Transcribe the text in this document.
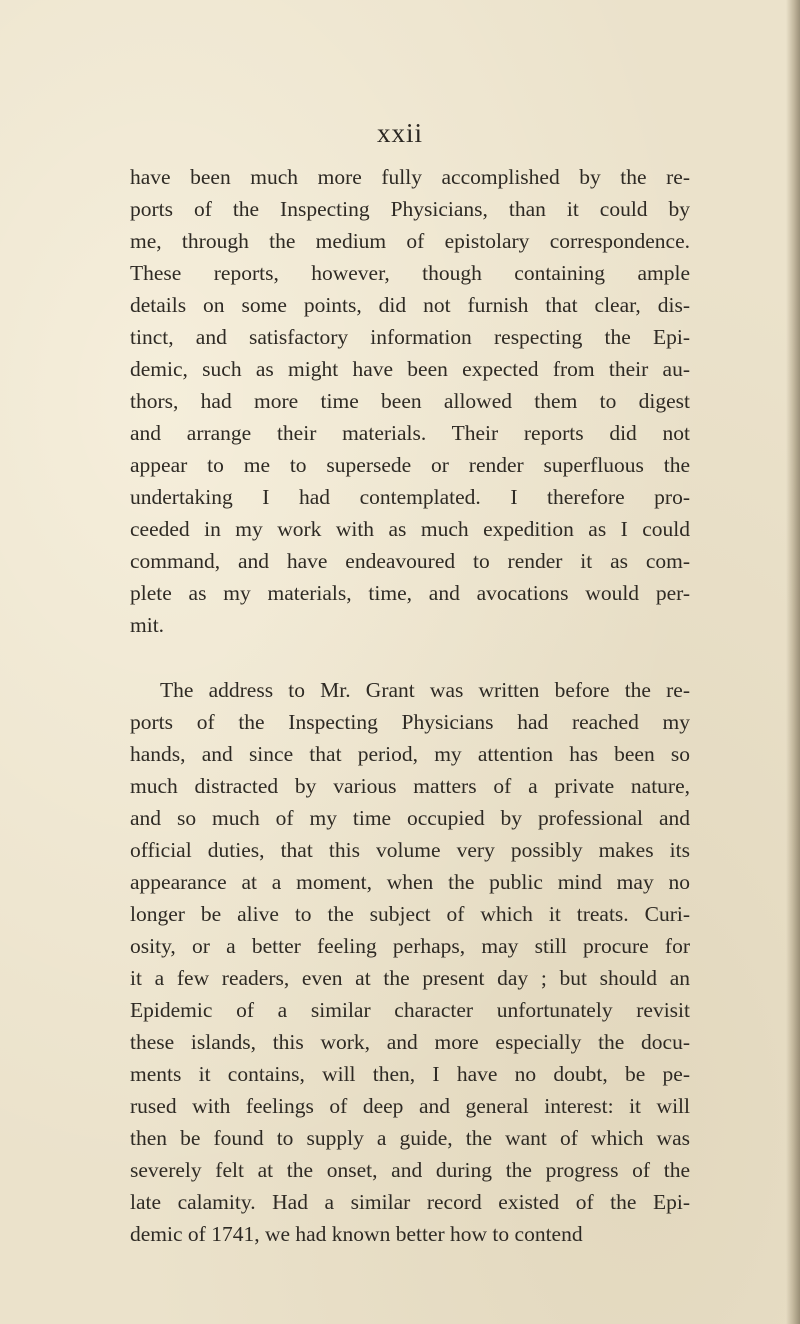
xxii
have been much more fully accomplished by the re-
ports of the Inspecting Physicians, than it could by
me, through the medium of epistolary correspondence.
These reports, however, though containing ample
details on some points, did not furnish that clear, dis-
tinct, and satisfactory information respecting the Epi-
demic, such as might have been expected from their au-
thors, had more time been allowed them to digest
and arrange their materials. Their reports did not
appear to me to supersede or render superfluous the
undertaking I had contemplated. I therefore pro-
ceeded in my work with as much expedition as I could
command, and have endeavoured to render it as com-
plete as my materials, time, and avocations would per-
mit.
The address to Mr. Grant was written before the re-
ports of the Inspecting Physicians had reached my
hands, and since that period, my attention has been so
much distracted by various matters of a private nature,
and so much of my time occupied by professional and
official duties, that this volume very possibly makes its
appearance at a moment, when the public mind may no
longer be alive to the subject of which it treats. Curi-
osity, or a better feeling perhaps, may still procure for
it a few readers, even at the present day ; but should an
Epidemic of a similar character unfortunately revisit
these islands, this work, and more especially the docu-
ments it contains, will then, I have no doubt, be pe-
rused with feelings of deep and general interest: it will
then be found to supply a guide, the want of which was
severely felt at the onset, and during the progress of the
late calamity. Had a similar record existed of the Epi-
demic of 1741, we had known better how to contend
